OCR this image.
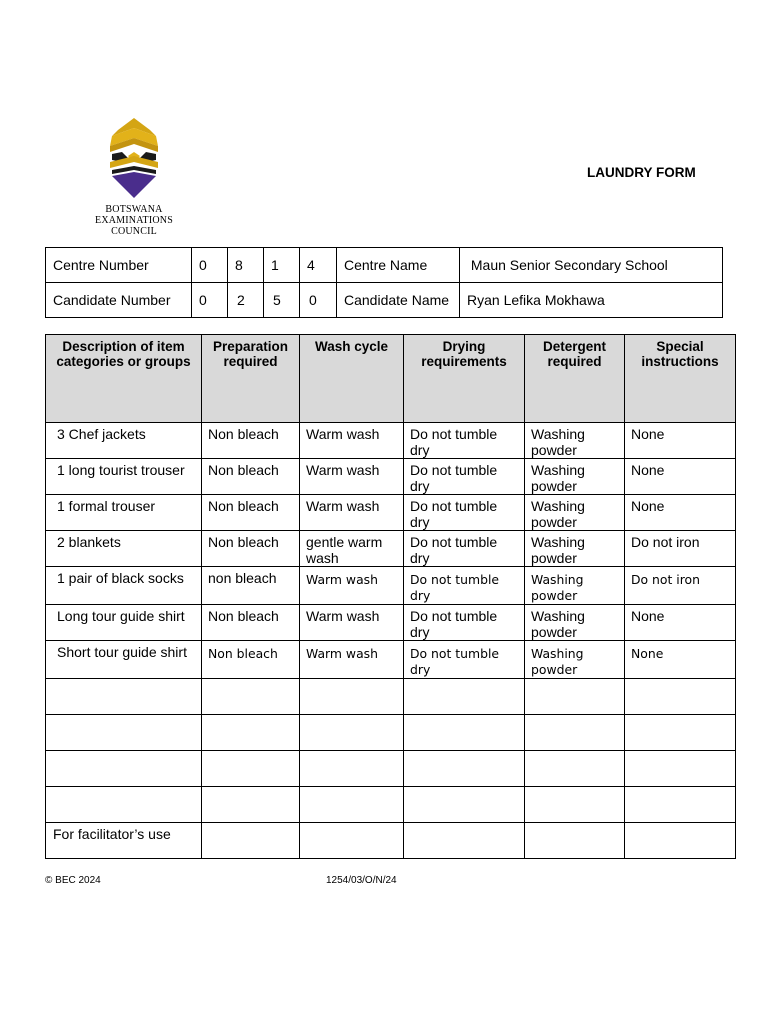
BOTSWANA
EXAMINATIONS
COUNCIL
LAUNDRY FORM
Centre Number	0	8	1	4	Centre Name	Maun Senior Secondary School
Candidate Number	0	2	5	0	Candidate Name	Ryan Lefika Mokhawa
Description of item categories or groups	Preparation required	Wash cycle	Drying requirements	Detergent required	Special instructions
3 Chef jackets	Non bleach	Warm wash	Do not tumble dry	Washing powder	None
1 long tourist trouser	Non bleach	Warm wash	Do not tumble dry	Washing powder	None
1 formal trouser	Non bleach	Warm wash	Do not tumble dry	Washing powder	None
2 blankets	Non bleach	gentle warm wash	Do not tumble dry	Washing powder	Do not iron
1 pair of black socks	non bleach	Warm wash	Do not tumble dry	Washing powder	Do not iron
Long tour guide shirt	Non bleach	Warm wash	Do not tumble dry	Washing powder	None
Short tour guide shirt	Non bleach	Warm wash	Do not tumble dry	Washing powder	None

For facilitator’s use					
© BEC 2024	1254/03/O/N/24
